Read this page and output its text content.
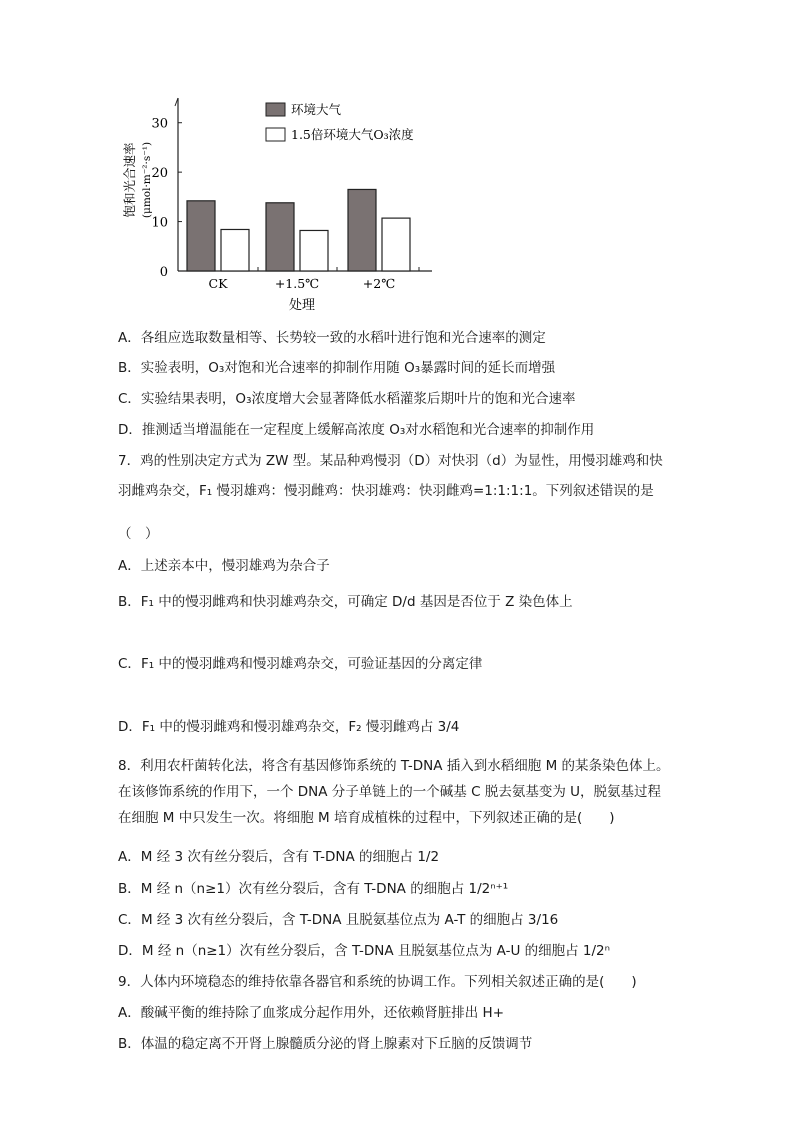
饱和光合速率 (μmol·m⁻²·s⁻¹)
0
10
20
30
CK	+1.5℃	+2℃
处理
环境大气
1.5倍环境大气O₃浓度
A．各组应选取数量相等、长势较一致的水稻叶进行饱和光合速率的测定
B．实验表明，O₃对饱和光合速率的抑制作用随 O₃暴露时间的延长而增强
C．实验结果表明，O₃浓度增大会显著降低水稻灌浆后期叶片的饱和光合速率
D．推测适当增温能在一定程度上缓解高浓度 O₃对水稻饱和光合速率的抑制作用
7．鸡的性别决定方式为 ZW 型。某品种鸡慢羽（D）对快羽（d）为显性，用慢羽雄鸡和快
羽雌鸡杂交，F₁ 慢羽雄鸡：慢羽雌鸡：快羽雄鸡：快羽雌鸡=1:1:1:1。下列叙述错误的是
（　）
A．上述亲本中，慢羽雄鸡为杂合子
B．F₁ 中的慢羽雌鸡和快羽雄鸡杂交，可确定 D/d 基因是否位于 Z 染色体上
C．F₁ 中的慢羽雌鸡和慢羽雄鸡杂交，可验证基因的分离定律
D．F₁ 中的慢羽雌鸡和慢羽雄鸡杂交，F₂ 慢羽雌鸡占 3/4
8．利用农杆菌转化法，将含有基因修饰系统的 T-DNA 插入到水稻细胞 M 的某条染色体上。
在该修饰系统的作用下，一个 DNA 分子单链上的一个碱基 C 脱去氨基变为 U，脱氨基过程
在细胞 M 中只发生一次。将细胞 M 培育成植株的过程中，下列叙述正确的是(　　)
A．M 经 3 次有丝分裂后，含有 T-DNA 的细胞占 1/2
B．M 经 n（n≥1）次有丝分裂后，含有 T-DNA 的细胞占 1/2ⁿ⁺¹
C．M 经 3 次有丝分裂后，含 T-DNA 且脱氨基位点为 A-T 的细胞占 3/16
D．M 经 n（n≥1）次有丝分裂后，含 T-DNA 且脱氨基位点为 A-U 的细胞占 1/2ⁿ
9．人体内环境稳态的维持依靠各器官和系统的协调工作。下列相关叙述正确的是(　　)
A．酸碱平衡的维持除了血浆成分起作用外，还依赖肾脏排出 H+
B．体温的稳定离不开肾上腺髓质分泌的肾上腺素对下丘脑的反馈调节
